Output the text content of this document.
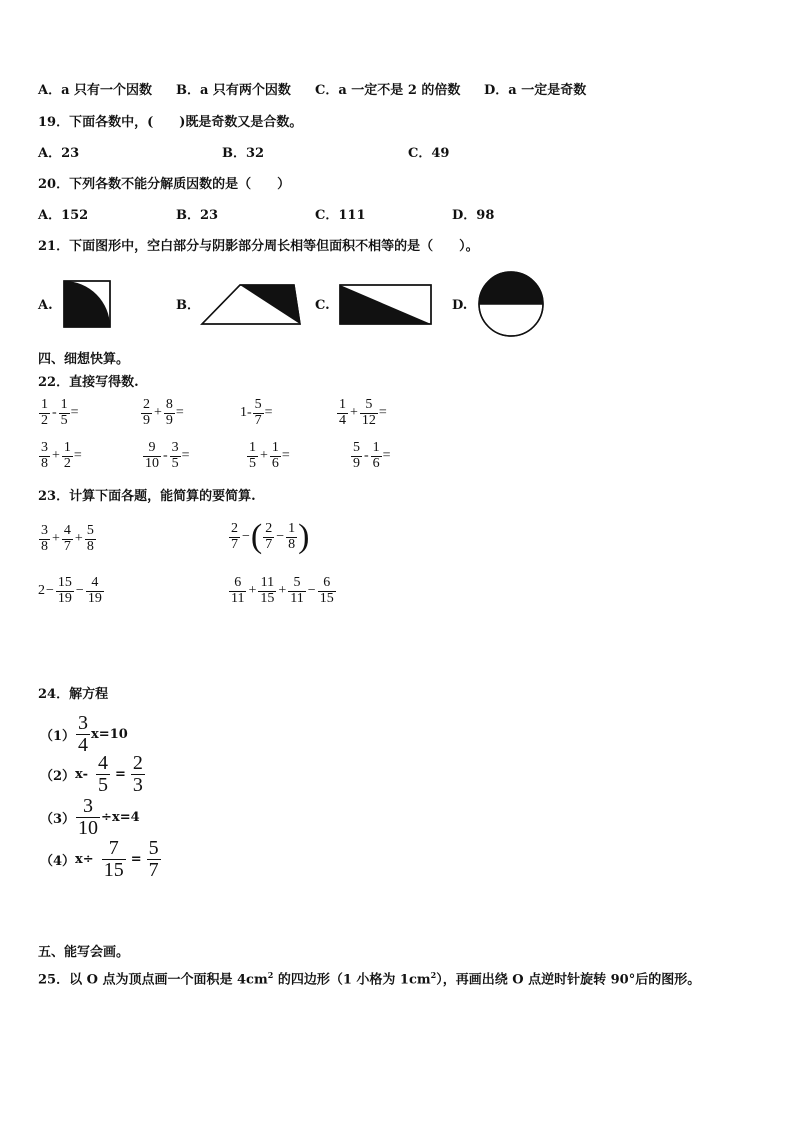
A．a 只有一个因数 B．a 只有两个因数 C．a 一定不是 2 的倍数 D．a 一定是奇数
19．下面各数中，(　　)既是奇数又是合数。
A．23	B．32	C．49
20．下列各数不能分解质因数的是（　　）
A．152	B．23	C．111	D．98
21．下面图形中，空白部分与阴影部分周长相等但面积不相等的是（　　）。
A.	B．	C.	D.
四、细想快算。
22．直接写得数.
$\frac{1}{2} - \frac{1}{5}$ =	$\frac{2}{9} + \frac{8}{9}$ =	$1- \frac{5}{7}$ =	$\frac{1}{4} + \frac{5}{12}$ =
$\frac{3}{8} + \frac{1}{2}$ =	$\frac{9}{10} - \frac{3}{5}$ =	$\frac{1}{5} + \frac{1}{6}$ =	$\frac{5}{9} - \frac{1}{6}$ =
23．计算下面各题，能简算的要简算.
$\frac{3}{8} + \frac{4}{7} + \frac{5}{8}$	$\frac{2}{7}$ − ( $\frac{2}{7} - \frac{1}{8}$ )
$2 - \frac{15}{19} - \frac{4}{19}$	$\frac{6}{11} + \frac{11}{15} + \frac{5}{11} - \frac{6}{15}$
24．解方程
$(1) \frac{3}{4} x=10$
（2） $x- \frac{4}{5} = \frac{2}{3}$
$(3) \frac{3}{10} \div x=4$
（4） $x\div \frac{7}{15} = \frac{5}{7}$
五、能写会画。
25．以 O 点为顶点画一个面积是 $4cm^2$ 的四边形（1 小格为 $1cm^2$），再画出绕 O 点逆时针旋转 90°后的图形。
